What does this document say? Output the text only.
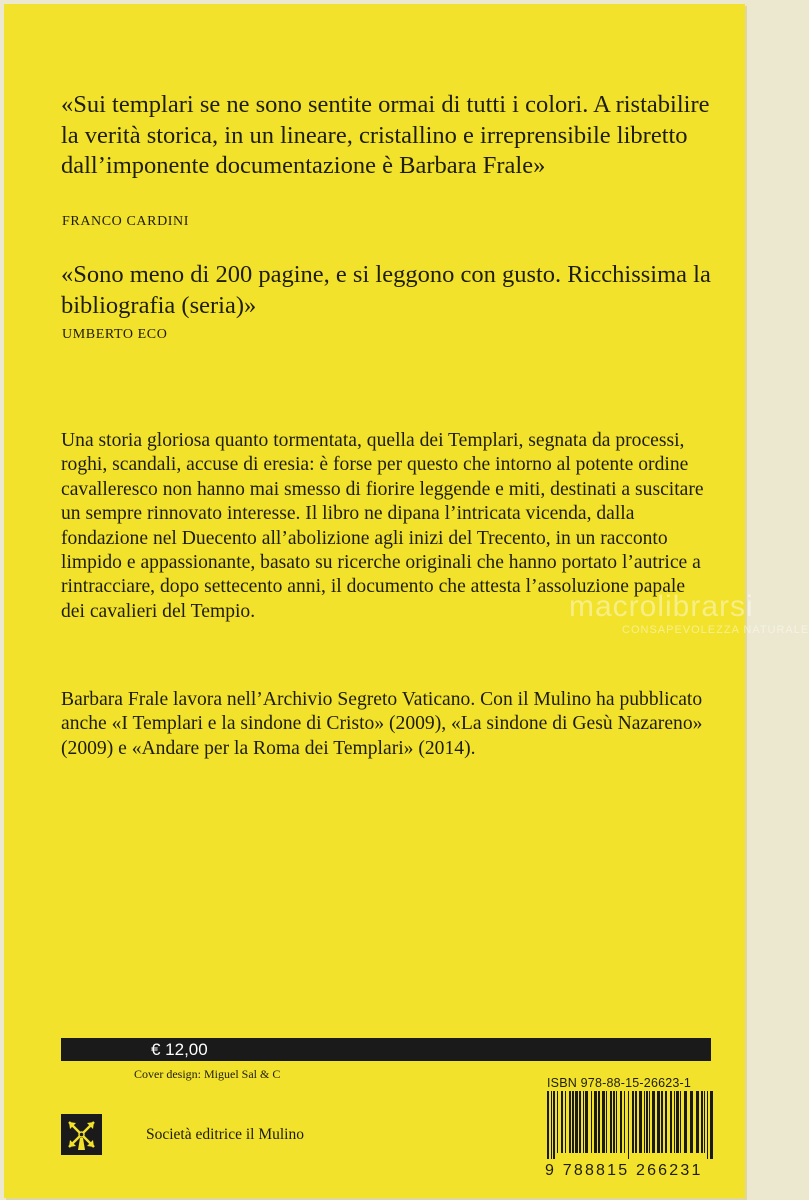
«Sui templari se ne sono sentite ormai di tutti i colori. A ristabilire la verità storica, in un lineare, cristallino e irreprensibile libretto dall’imponente documentazione è Barbara Frale»
FRANCO CARDINI
«Sono meno di 200 pagine, e si leggono con gusto. Ricchissima la bibliografia (seria)»
UMBERTO ECO
Una storia gloriosa quanto tormentata, quella dei Templari, segnata da processi, roghi, scandali, accuse di eresia: è forse per questo che intorno al potente ordine cavalleresco non hanno mai smesso di fiorire leggende e miti, destinati a suscitare un sempre rinnovato interesse. Il libro ne dipana l’intricata vicenda, dalla fondazione nel Duecento all’abolizione agli inizi del Trecento, in un racconto limpido e appassionante, basato su ricerche originali che hanno portato l’autrice a rintracciare, dopo settecento anni, il documento che attesta l’assoluzione papale dei cavalieri del Tempio.	macrolibrarsi
CONSAPEVOLEZZA NATURALE
Barbara Frale lavora nell’Archivio Segreto Vaticano. Con il Mulino ha pubblicato anche «I Templari e la sindone di Cristo» (2009), «La sindone di Gesù Nazareno» (2009) e «Andare per la Roma dei Templari» (2014).
€ 12,00
Cover design: Miguel Sal & C
Società editrice il Mulino
ISBN 978-88-15-26623-1
9 788815 266231
